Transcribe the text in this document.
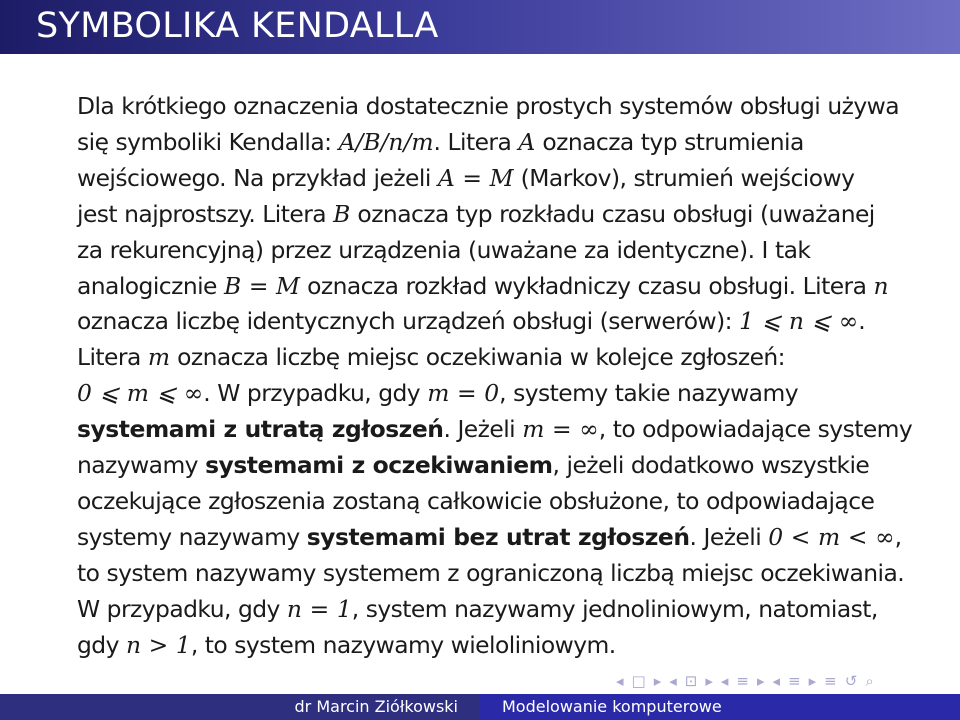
SYMBOLIKA KENDALLA

Dla krótkiego oznaczenia dostatecznie prostych systemów obsługi używa

się symboliki Kendalla: A/B/n/m. Litera A oznacza typ strumienia

wejściowego. Na przykład jeżeli A = M (Markov), strumień wejściowy

jest najprostszy. Litera B oznacza typ rozkładu czasu obsługi (uważanej

za rekurencyjną) przez urządzenia (uważane za identyczne). I tak

analogicznie B = M oznacza rozkład wykładniczy czasu obsługi. Litera n

oznacza liczbę identycznych urządzeń obsługi (serwerów): 1 ⩽ n ⩽ ∞.

Litera m oznacza liczbę miejsc oczekiwania w kolejce zgłoszeń:

0 ⩽ m ⩽ ∞. W przypadku, gdy m = 0, systemy takie nazywamy

systemami z utratą zgłoszeń. Jeżeli m = ∞, to odpowiadające systemy

nazywamy systemami z oczekiwaniem, jeżeli dodatkowo wszystkie

oczekujące zgłoszenia zostaną całkowicie obsłużone, to odpowiadające

systemy nazywamy systemami bez utrat zgłoszeń. Jeżeli 0 < m < ∞,

to system nazywamy systemem z ograniczoną liczbą miejsc oczekiwania.

W przypadku, gdy n = 1, system nazywamy jednoliniowym, natomiast,

gdy n > 1, to system nazywamy wieloliniowym.

◂ □ ▸ ◂ ⊡ ▸ ◂ ≡ ▸ ◂ ≡ ▸ ≡ ↺ ⌕
dr Marcin Ziółkowski	Modelowanie komputerowe
